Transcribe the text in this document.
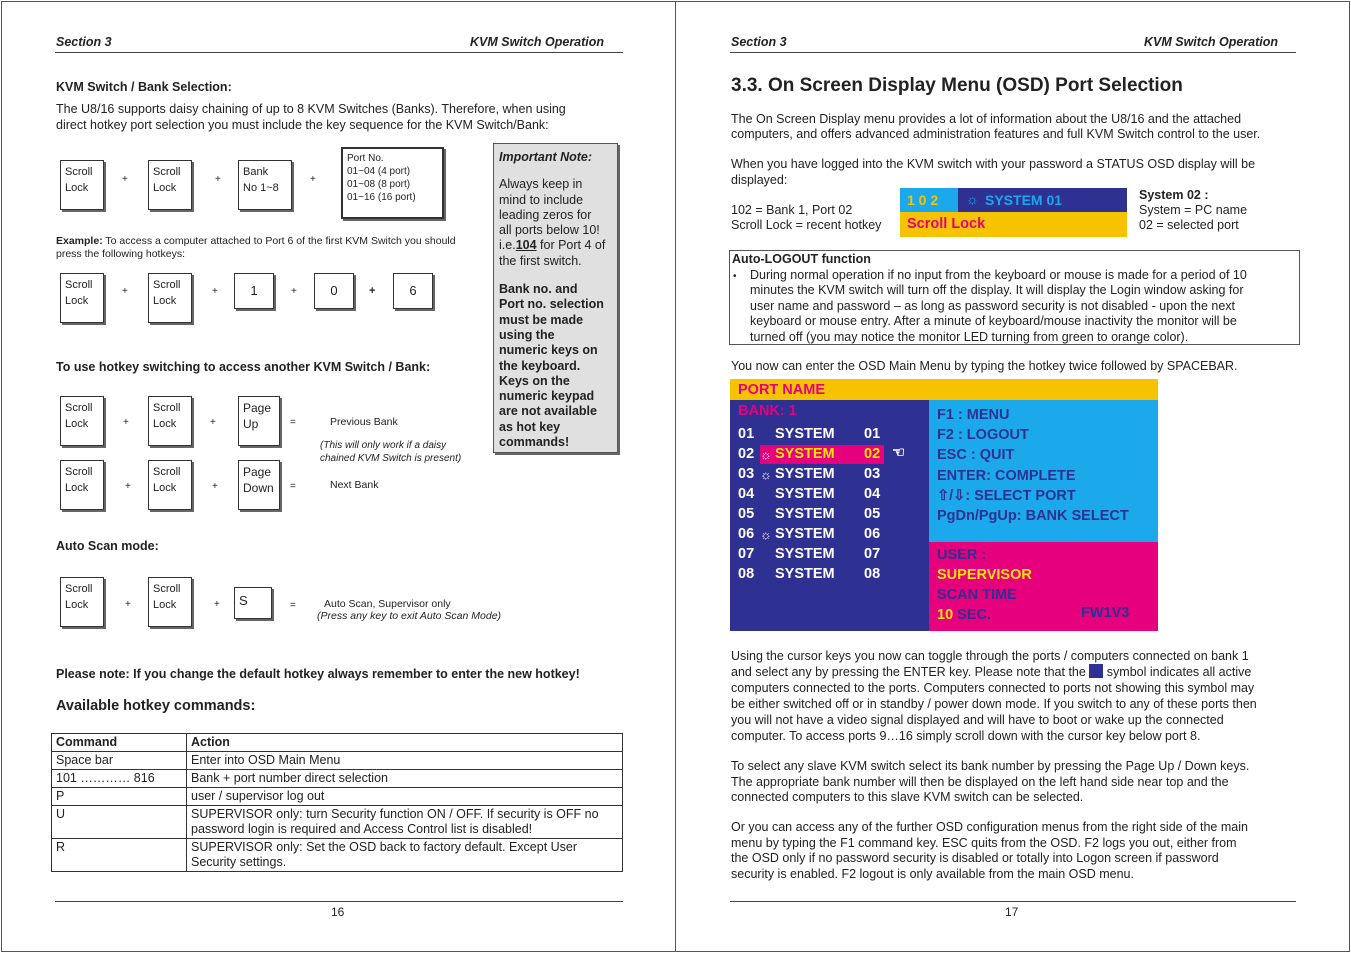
Section 3	KVM Switch Operation
KVM Switch / Bank Selection:
The U8/16 supports daisy chaining of up to 8 KVM Switches (Banks). Therefore, when using
direct hotkey port selection you must include the key sequence for the KVM Switch/Bank:
Scroll
Lock
+
Scroll
Lock
+
Bank
No 1~8
+
Port No.
01~04 (4 port)
01~08 (8 port)
01~16 (16 port)
Example: To access a computer attached to Port 6 of the first KVM Switch you should
press the following hotkeys:
Scroll
Lock
+
Scroll
Lock
+	1	+	0	+	6
Important Note:
Always keep in
mind to include
leading zeros for
all ports below 10!
i.e.104 for Port 4 of
the first switch.
Bank no. and
Port no. selection
must be made
using the
numeric keys on
the keyboard.
Keys on the
numeric keypad
are not available
as hot key
commands!
To use hotkey switching to access another KVM Switch / Bank:
Scroll
Lock	+
Scroll
Lock	+
Page
Up	=	Previous Bank
(This will only work if a daisy
chained KVM Switch is present)
Scroll
Lock	+
Scroll
Lock	+
Page
Down =	Next Bank
Auto Scan mode:
Scroll
Lock	+
Scroll
Lock	+	S	=	Auto Scan, Supervisor only
(Press any key to exit Auto Scan Mode)
Please note: If you change the default hotkey always remember to enter the new hotkey!
Available hotkey commands:
Command	Action
Space bar	Enter into OSD Main Menu
101 ………… 816	Bank + port number direct selection
P	user / supervisor log out
U	SUPERVISOR only: turn Security function ON / OFF. If security is OFF no password login is required and Access Control list is disabled!
R	SUPERVISOR only: Set the OSD back to factory default. Except User Security settings.
16
Section 3	KVM Switch Operation
3.3. On Screen Display Menu (OSD) Port Selection
The On Screen Display menu provides a lot of information about the U8/16 and the attached
computers, and offers advanced administration features and full KVM Switch control to the user.
When you have logged into the KVM switch with your password a STATUS OSD display will be
displayed:
1 0 2 ☼ SYSTEM 01
Scroll Lock
102 = Bank 1, Port 02
Scroll Lock = recent hotkey
System 02 :
System = PC name
02 = selected port
Auto-LOGOUT function
• During normal operation if no input from the keyboard or mouse is made for a period of 10
minutes the KVM switch will turn off the display. It will display the Login window asking for
user name and password – as long as password security is not disabled - upon the next
keyboard or mouse entry. After a minute of keyboard/mouse inactivity the monitor will be
turned off (you may notice the monitor LED turning from green to orange color).
You now can enter the OSD Main Menu by typing the hotkey twice followed by SPACEBAR.
PORT NAME
BANK: 1
01 SYSTEM 01
02 ☼ SYSTEM 02 ☜
03 ☼ SYSTEM 03
04 SYSTEM 04
05 SYSTEM 05
06 ☼ SYSTEM 06
07 SYSTEM 07
08 SYSTEM 08
F1 : MENU
F2 : LOGOUT
ESC : QUIT
ENTER: COMPLETE
⇧/⇩: SELECT PORT
PgDn/PgUp: BANK SELECT
USER :
SUPERVISOR
SCAN TIME
10 SEC.	FW1V3
Using the cursor keys you now can toggle through the ports / computers connected on bank 1
and select any by pressing the ENTER key. Please note that the  symbol indicates all active
computers connected to the ports. Computers connected to ports not showing this symbol may
be either switched off or in standby / power down mode. If you switch to any of these ports then
you will not have a video signal displayed and will have to boot or wake up the connected
computer. To access ports 9…16 simply scroll down with the cursor key below port 8.
To select any slave KVM switch select its bank number by pressing the Page Up / Down keys.
The appropriate bank number will then be displayed on the left hand side near top and the
connected computers to this slave KVM switch can be selected.
Or you can access any of the further OSD configuration menus from the right side of the main
menu by typing the F1 command key. ESC quits from the OSD. F2 logs you out, either from
the OSD only if no password security is disabled or totally into Logon screen if password
security is enabled. F2 logout is only available from the main OSD menu.
17
